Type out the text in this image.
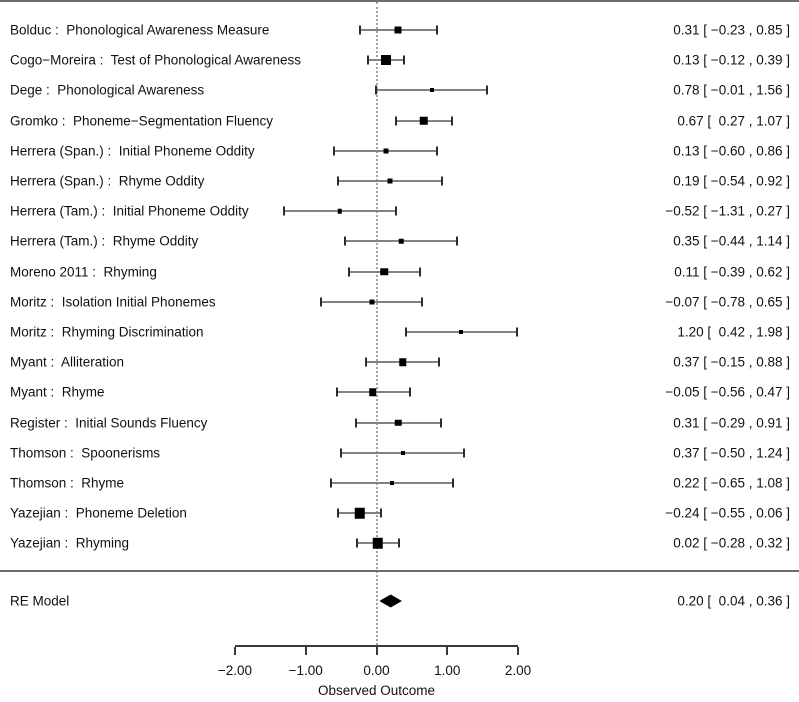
Bolduc :  Phonological Awareness Measure	0.31 [ −0.23 , 0.85 ]
Cogo−Moreira :  Test of Phonological Awareness	0.13 [ −0.12 , 0.39 ]
Dege :  Phonological Awareness	0.78 [ −0.01 , 1.56 ]
Gromko :  Phoneme−Segmentation Fluency	0.67 [  0.27 , 1.07 ]
Herrera (Span.) :  Initial Phoneme Oddity	0.13 [ −0.60 , 0.86 ]
Herrera (Span.) :  Rhyme Oddity	0.19 [ −0.54 , 0.92 ]
Herrera (Tam.) :  Initial Phoneme Oddity	−0.52 [ −1.31 , 0.27 ]
Herrera (Tam.) :  Rhyme Oddity	0.35 [ −0.44 , 1.14 ]
Moreno 2011 :  Rhyming	0.11 [ −0.39 , 0.62 ]
Moritz :  Isolation Initial Phonemes	−0.07 [ −0.78 , 0.65 ]
Moritz :  Rhyming Discrimination	1.20 [  0.42 , 1.98 ]
Myant :  Alliteration	0.37 [ −0.15 , 0.88 ]
Myant :  Rhyme	−0.05 [ −0.56 , 0.47 ]
Register :  Initial Sounds Fluency	0.31 [ −0.29 , 0.91 ]
Thomson :  Spoonerisms	0.37 [ −0.50 , 1.24 ]
Thomson :  Rhyme	0.22 [ −0.65 , 1.08 ]
Yazejian :  Phoneme Deletion	−0.24 [ −0.55 , 0.06 ]
Yazejian :  Rhyming	0.02 [ −0.28 , 0.32 ]
RE Model	0.20 [  0.04 , 0.36 ]
−2.00	−1.00	0.00	1.00	2.00
Observed Outcome
